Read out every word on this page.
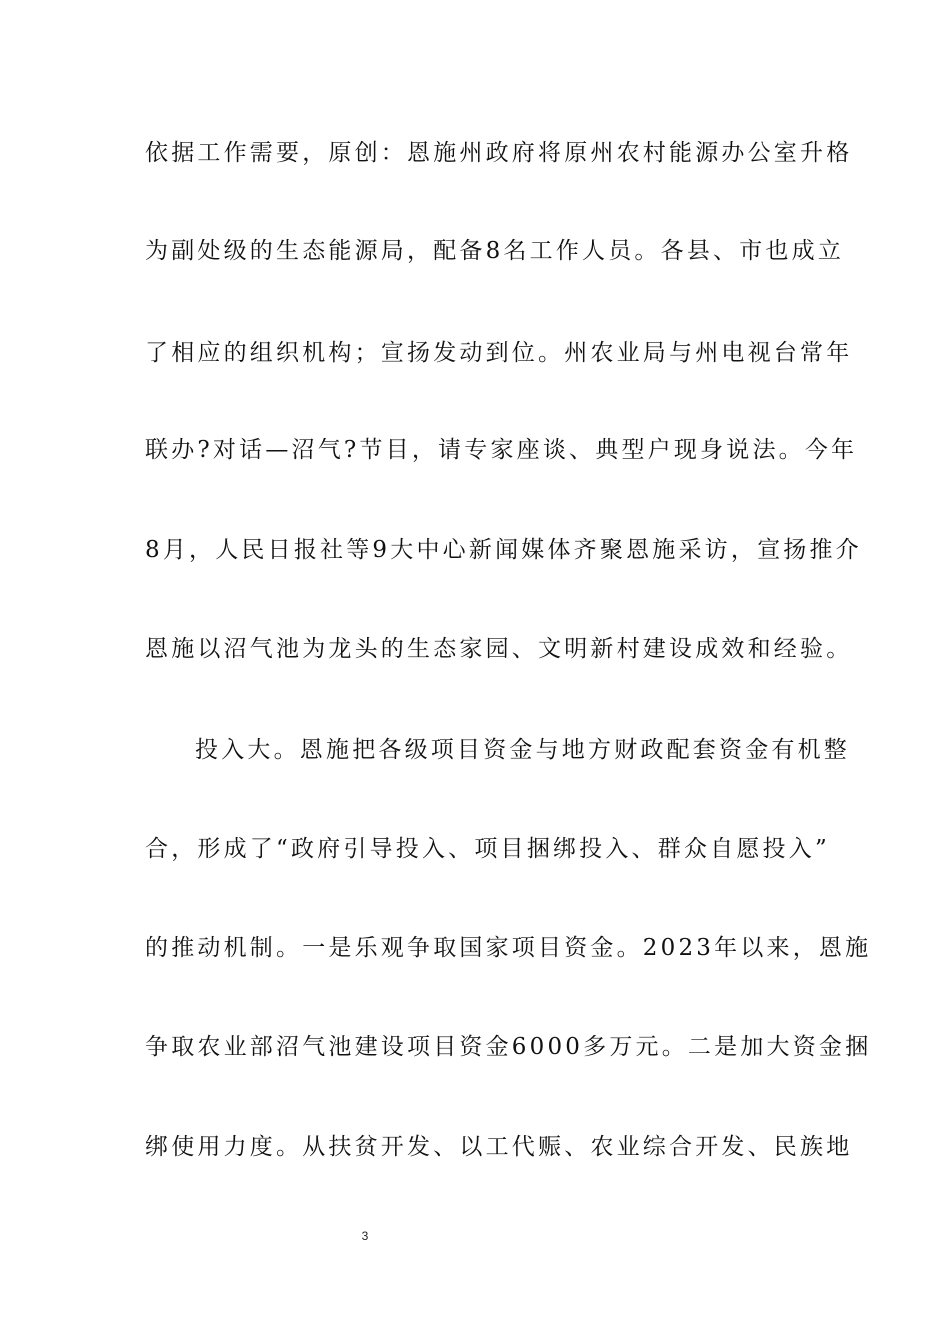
依据工作需要，原创：恩施州政府将原州农村能源办公室升格
为副处级的生态能源局，配备8名工作人员。各县、市也成立
了相应的组织机构；宣扬发动到位。州农业局与州电视台常年
联办?对话—沼气?节目，请专家座谈、典型户现身说法。今年
8月，人民日报社等9大中心新闻媒体齐聚恩施采访，宣扬推介
恩施以沼气池为龙头的生态家园、文明新村建设成效和经验。
投入大。恩施把各级项目资金与地方财政配套资金有机整
合，形成了“政府引导投入、项目捆绑投入、群众自愿投入”
的推动机制。一是乐观争取国家项目资金。2023年以来，恩施
争取农业部沼气池建设项目资金6000多万元。二是加大资金捆
绑使用力度。从扶贫开发、以工代赈、农业综合开发、民族地
3
